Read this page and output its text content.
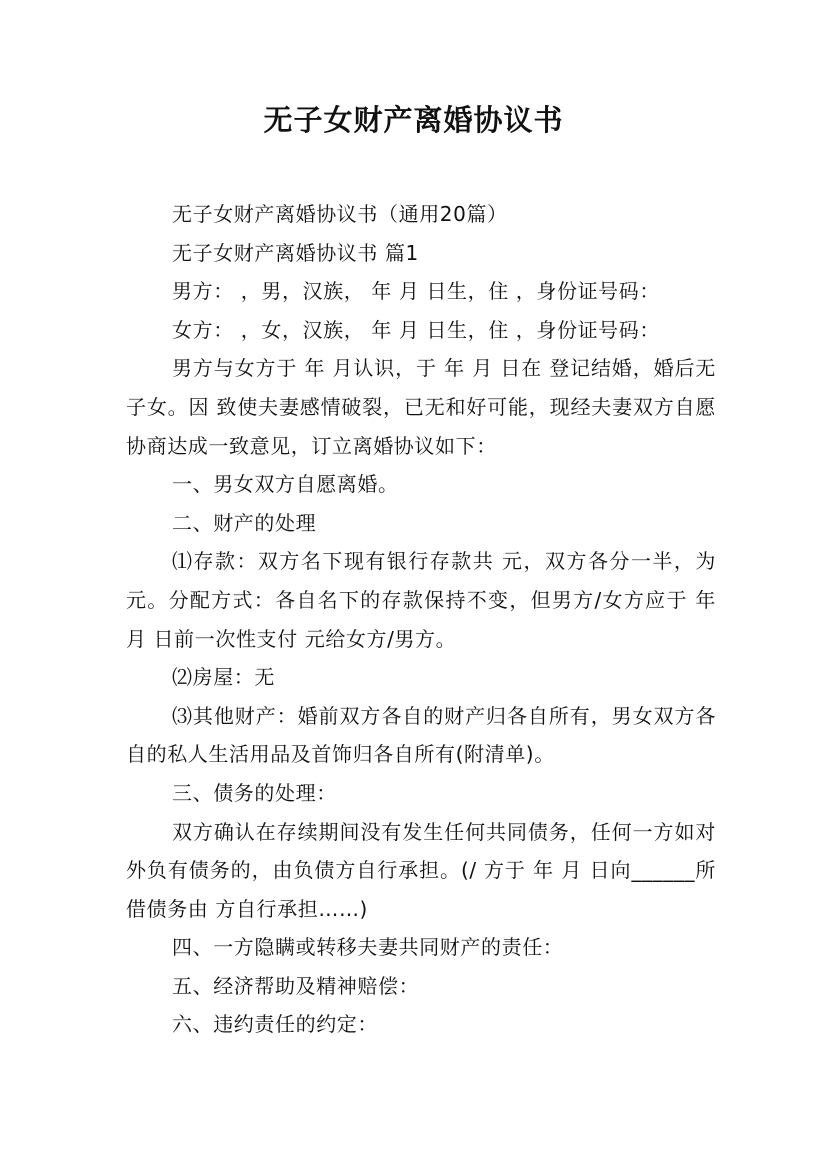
无子女财产离婚协议书

无子女财产离婚协议书（通用20篇）

无子女财产离婚协议书 篇1

男方： ，男，汉族， 年 月 日生，住 ，身份证号码：

女方： ，女，汉族， 年 月 日生，住 ，身份证号码：

男方与女方于 年 月认识，于 年 月 日在 登记结婚，婚后无子女。因 致使夫妻感情破裂，已无和好可能，现经夫妻双方自愿协商达成一致意见，订立离婚协议如下：

一、男女双方自愿离婚。

二、财产的处理

⑴存款：双方名下现有银行存款共 元，双方各分一半，为 元。分配方式：各自名下的存款保持不变，但男方/女方应于 年 月 日前一次性支付 元给女方/男方。

⑵房屋：无

⑶其他财产：婚前双方各自的财产归各自所有，男女双方各自的私人生活用品及首饰归各自所有(附清单)。

三、债务的处理：

双方确认在存续期间没有发生任何共同债务，任何一方如对外负有债务的，由负债方自行承担。(/ 方于 年 月 日向______所借债务由 方自行承担……)

四、一方隐瞒或转移夫妻共同财产的责任：

五、经济帮助及精神赔偿：

六、违约责任的约定：
